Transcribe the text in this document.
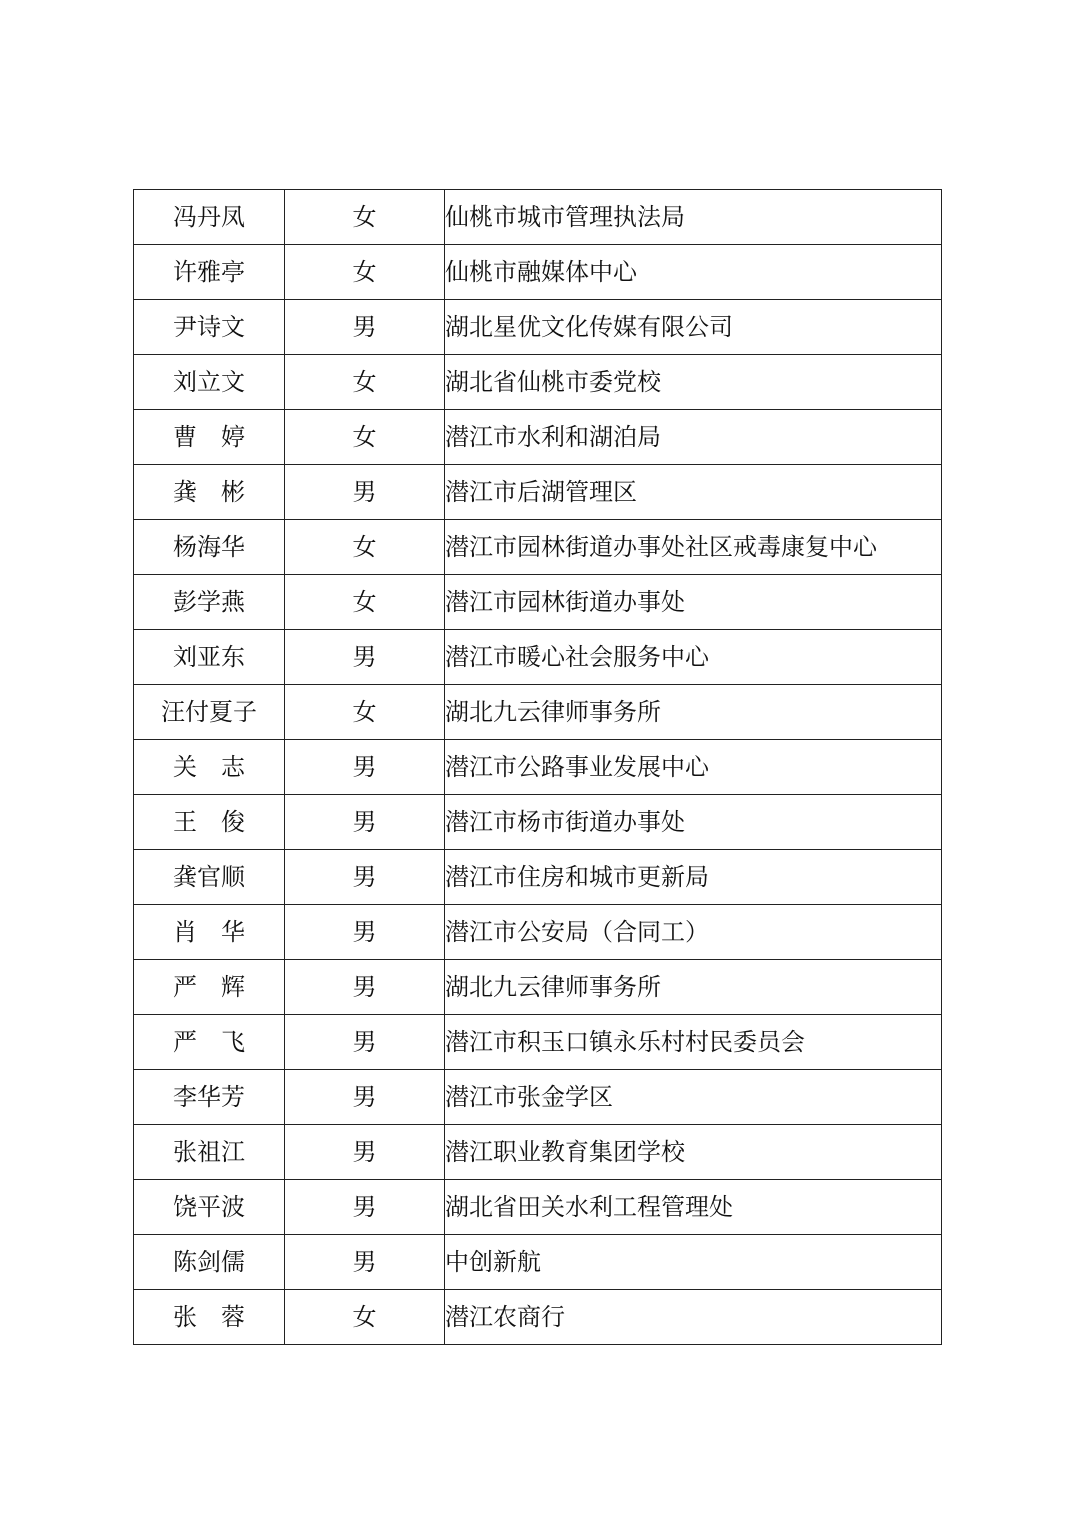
冯丹凤	女	仙桃市城市管理执法局
许雅亭	女	仙桃市融媒体中心
尹诗文	男	湖北星优文化传媒有限公司
刘立文	女	湖北省仙桃市委党校
曹　婷	女	潜江市水利和湖泊局
龚　彬	男	潜江市后湖管理区
杨海华	女	潜江市园林街道办事处社区戒毒康复中心
彭学燕	女	潜江市园林街道办事处
刘亚东	男	潜江市暖心社会服务中心
汪付夏子	女	湖北九云律师事务所
关　志	男	潜江市公路事业发展中心
王　俊	男	潜江市杨市街道办事处
龚官顺	男	潜江市住房和城市更新局
肖　华	男	潜江市公安局（合同工）
严　辉	男	湖北九云律师事务所
严　飞	男	潜江市积玉口镇永乐村村民委员会
李华芳	男	潜江市张金学区
张祖江	男	潜江职业教育集团学校
饶平波	男	湖北省田关水利工程管理处
陈剑儒	男	中创新航
张　蓉	女	潜江农商行
